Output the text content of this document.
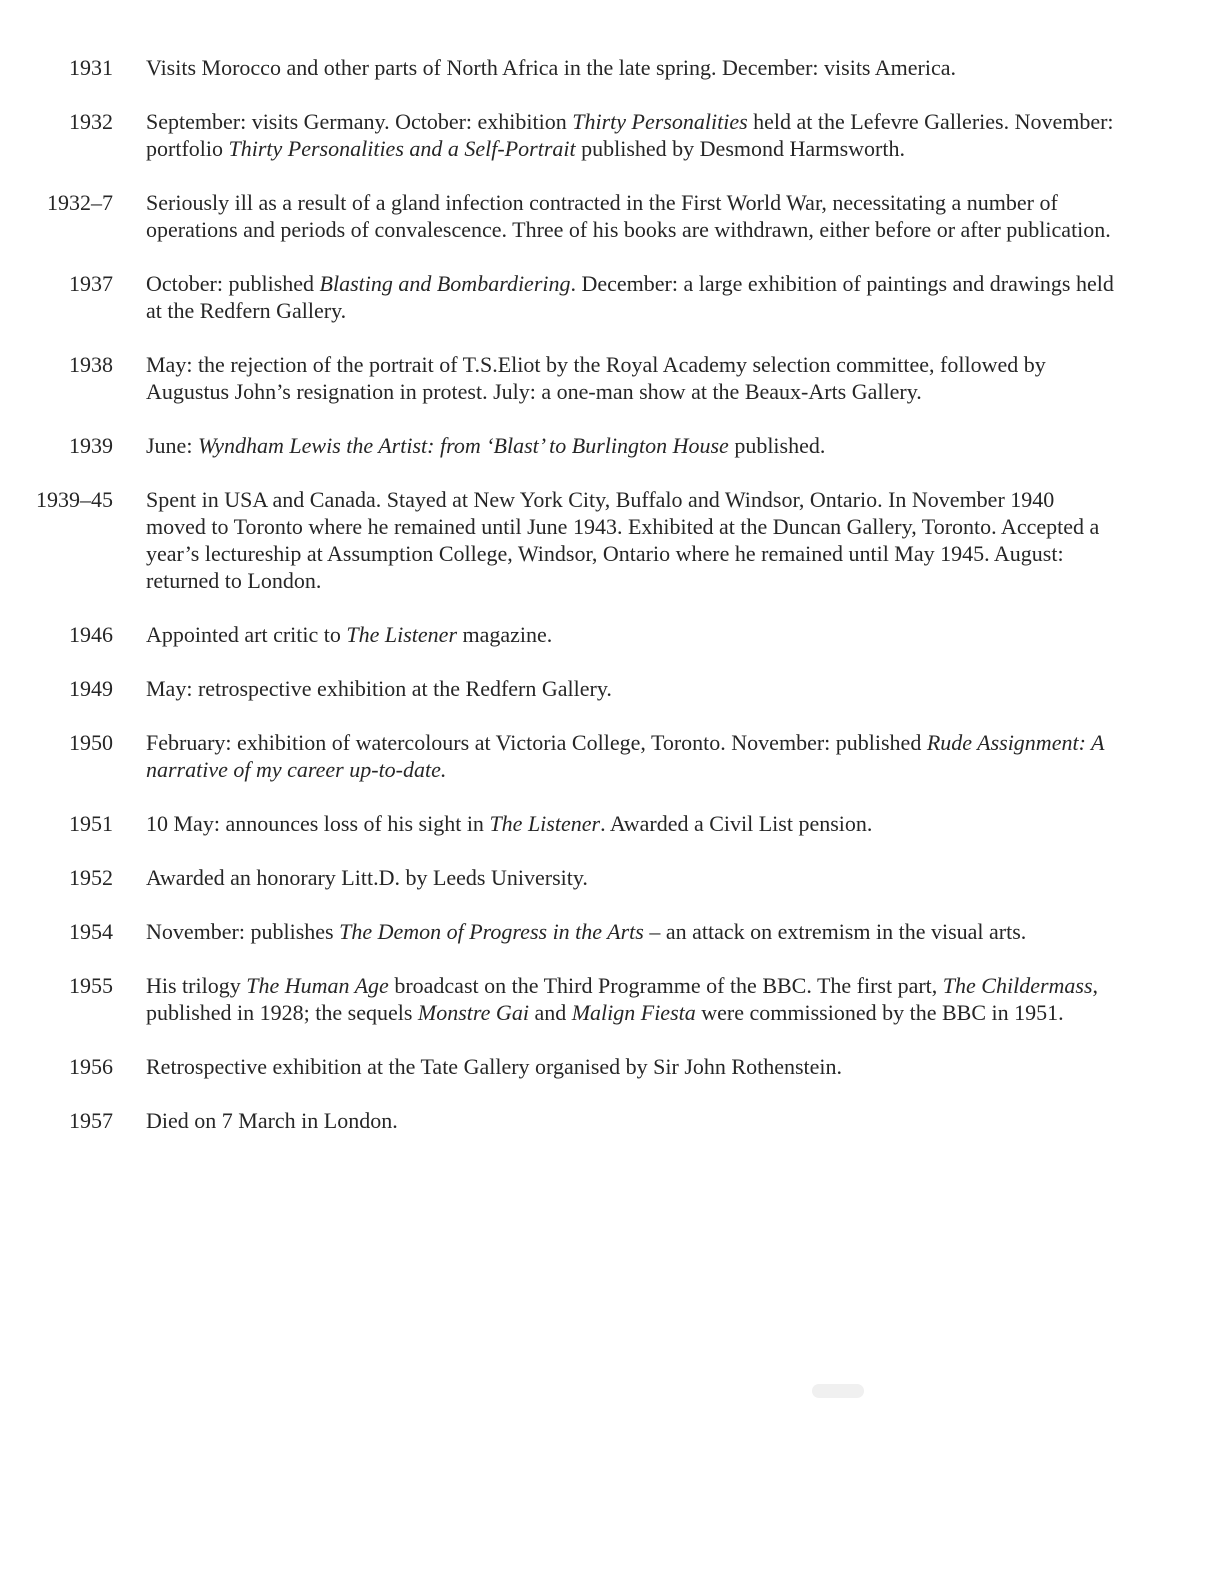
1931 Visits Morocco and other parts of North Africa in the late spring. December: visits America.
1932 September: visits Germany. October: exhibition Thirty Personalities held at the Lefevre Galleries. November: portfolio Thirty Personalities and a Self-Portrait published by Desmond Harmsworth.
1932–7 Seriously ill as a result of a gland infection contracted in the First World War, necessitating a number of operations and periods of convalescence. Three of his books are withdrawn, either before or after publication.
1937 October: published Blasting and Bombardiering. December: a large exhibition of paintings and drawings held at the Redfern Gallery.
1938 May: the rejection of the portrait of T.S.Eliot by the Royal Academy selection committee, followed by Augustus John’s resignation in protest. July: a one-man show at the Beaux-Arts Gallery.
1939 June: Wyndham Lewis the Artist: from ‘Blast’ to Burlington House published.
1939–45 Spent in USA and Canada. Stayed at New York City, Buffalo and Windsor, Ontario. In November 1940 moved to Toronto where he remained until June 1943. Exhibited at the Duncan Gallery, Toronto. Accepted a year’s lectureship at Assumption College, Windsor, Ontario where he remained until May 1945. August: returned to London.
1946 Appointed art critic to The Listener magazine.
1949 May: retrospective exhibition at the Redfern Gallery.
1950 February: exhibition of watercolours at Victoria College, Toronto. November: published Rude Assignment: A narrative of my career up-to-date.
1951 10 May: announces loss of his sight in The Listener. Awarded a Civil List pension.
1952 Awarded an honorary Litt.D. by Leeds University.
1954 November: publishes The Demon of Progress in the Arts – an attack on extremism in the visual arts.
1955 His trilogy The Human Age broadcast on the Third Programme of the BBC. The first part, The Childermass, published in 1928; the sequels Monstre Gai and Malign Fiesta were commissioned by the BBC in 1951.
1956 Retrospective exhibition at the Tate Gallery organised by Sir John Rothenstein.
1957 Died on 7 March in London.
